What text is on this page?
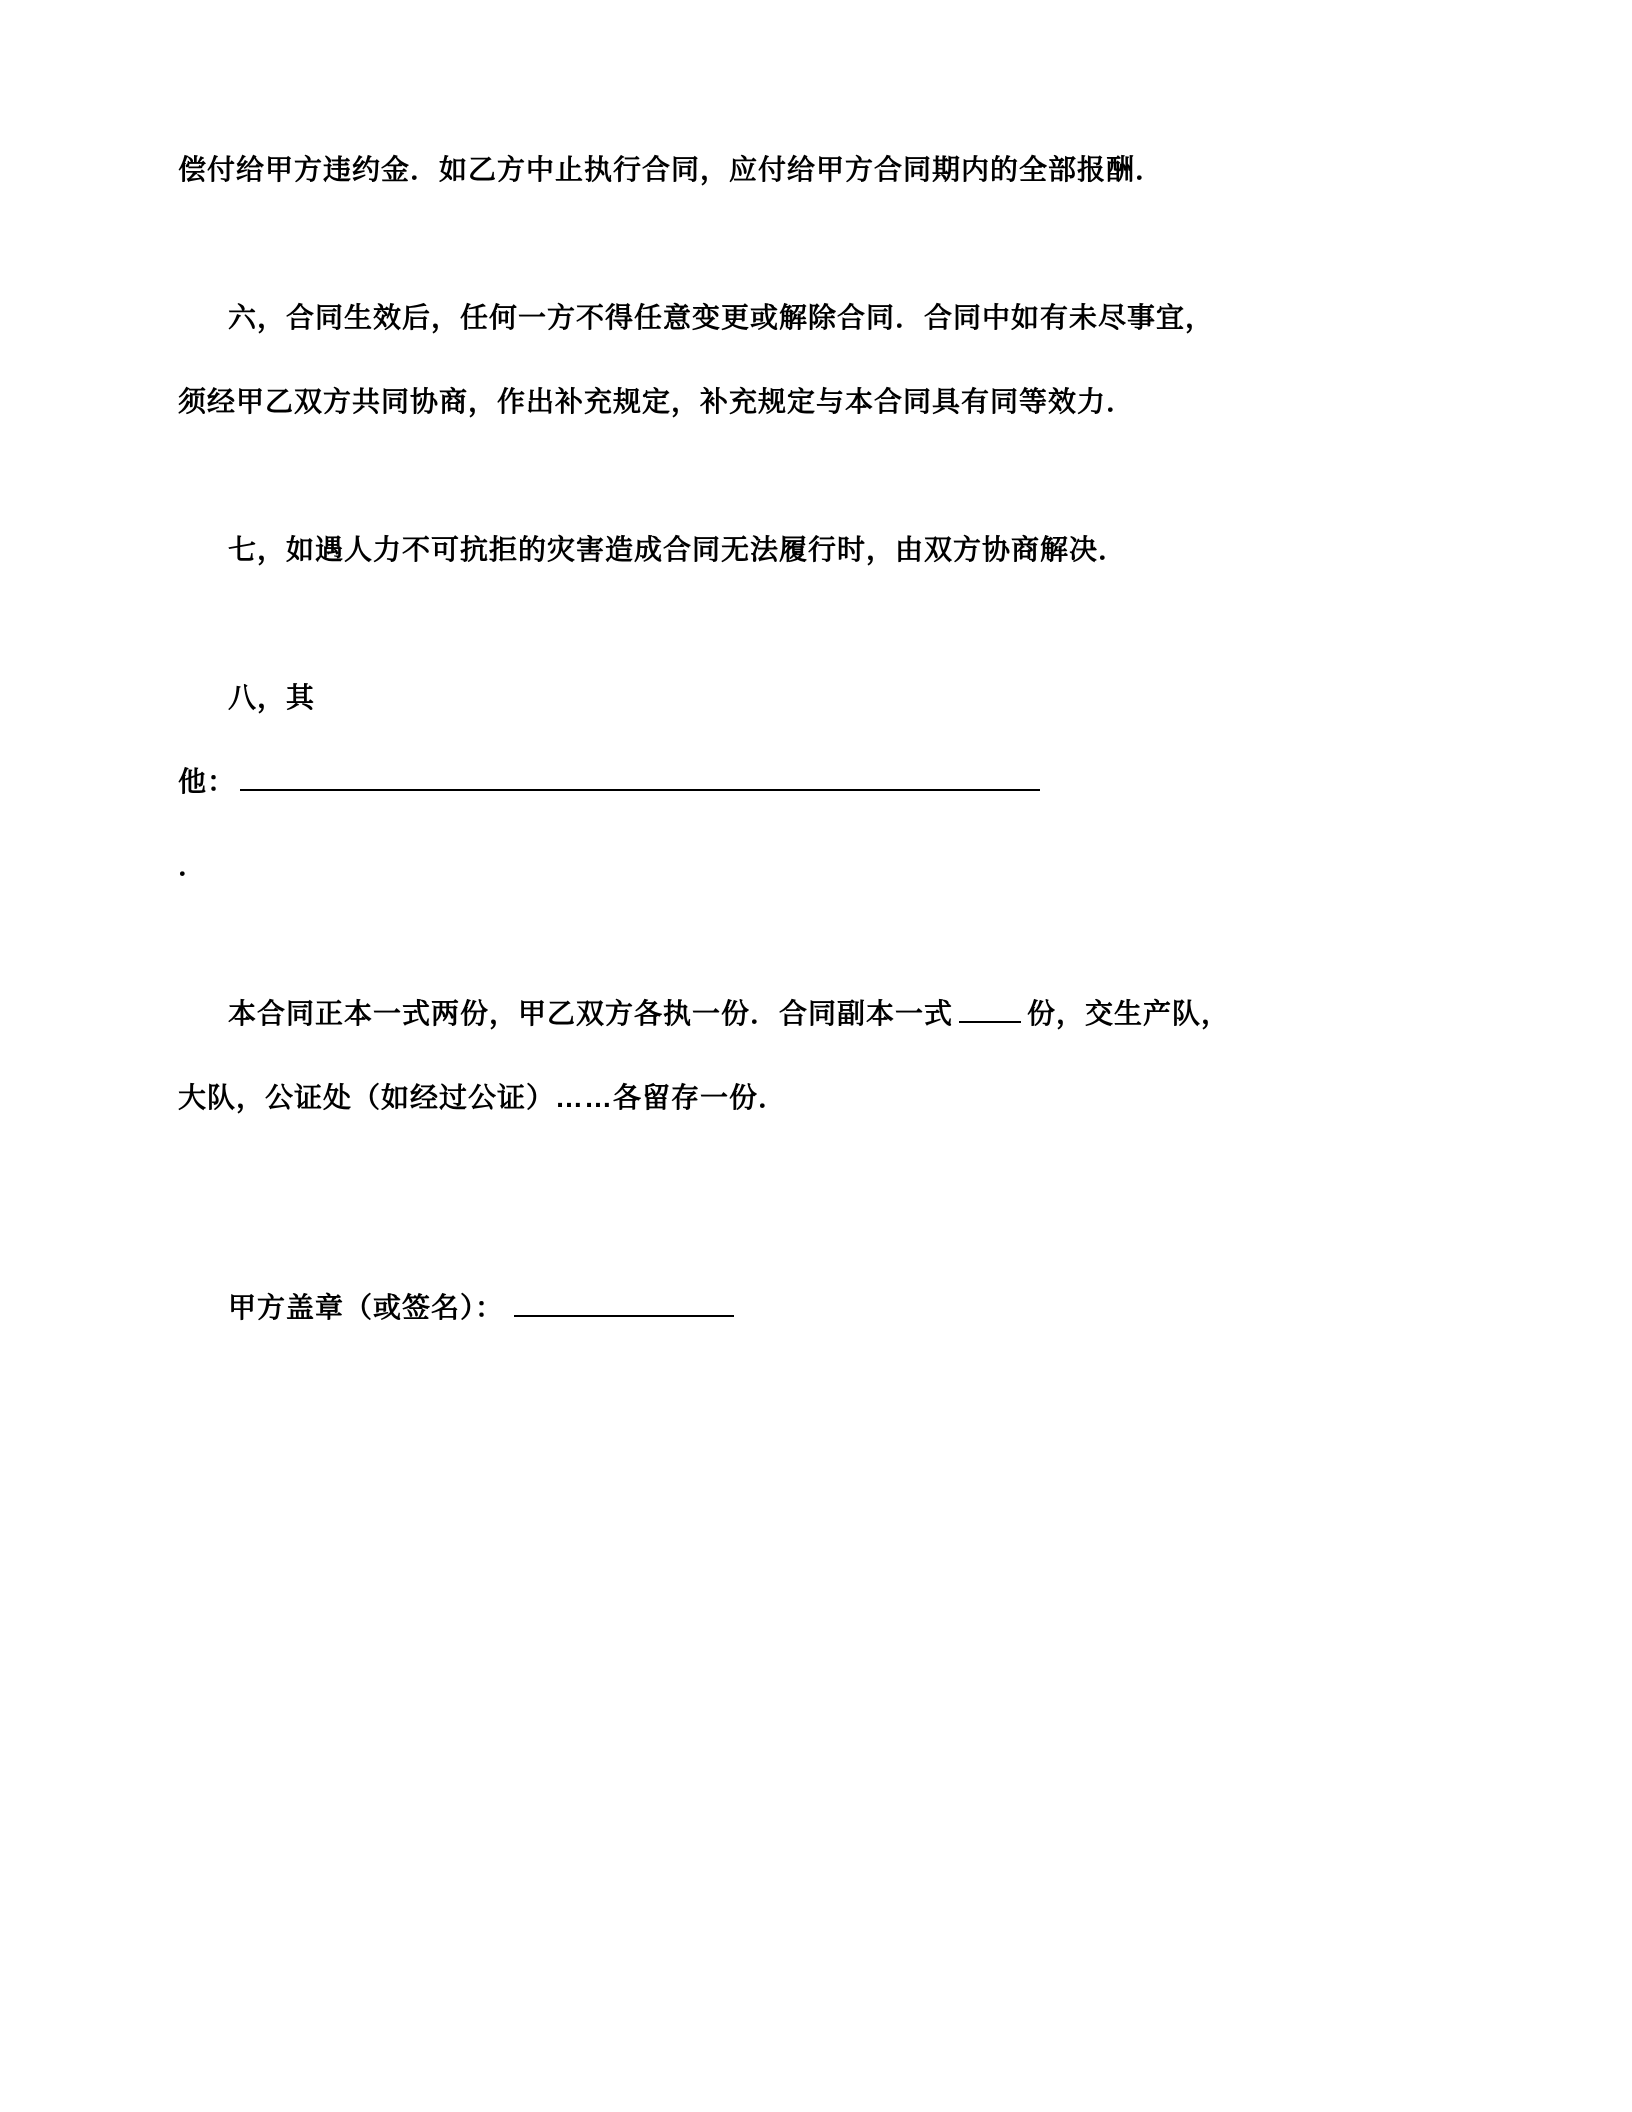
偿付给甲方违约金．如乙方中止执行合同，应付给甲方合同期内的全部报酬．
六，合同生效后，任何一方不得任意变更或解除合同．合同中如有未尽事宜，
须经甲乙双方共同协商，作出补充规定，补充规定与本合同具有同等效力．
七，如遇人力不可抗拒的灾害造成合同无法履行时，由双方协商解决．
八，其
他：
．
本合同正本一式两份，甲乙双方各执一份．合同副本一式	份，交生产队，
大队，公证处（如经过公证）……各留存一份．
甲方盖章（或签名）：
